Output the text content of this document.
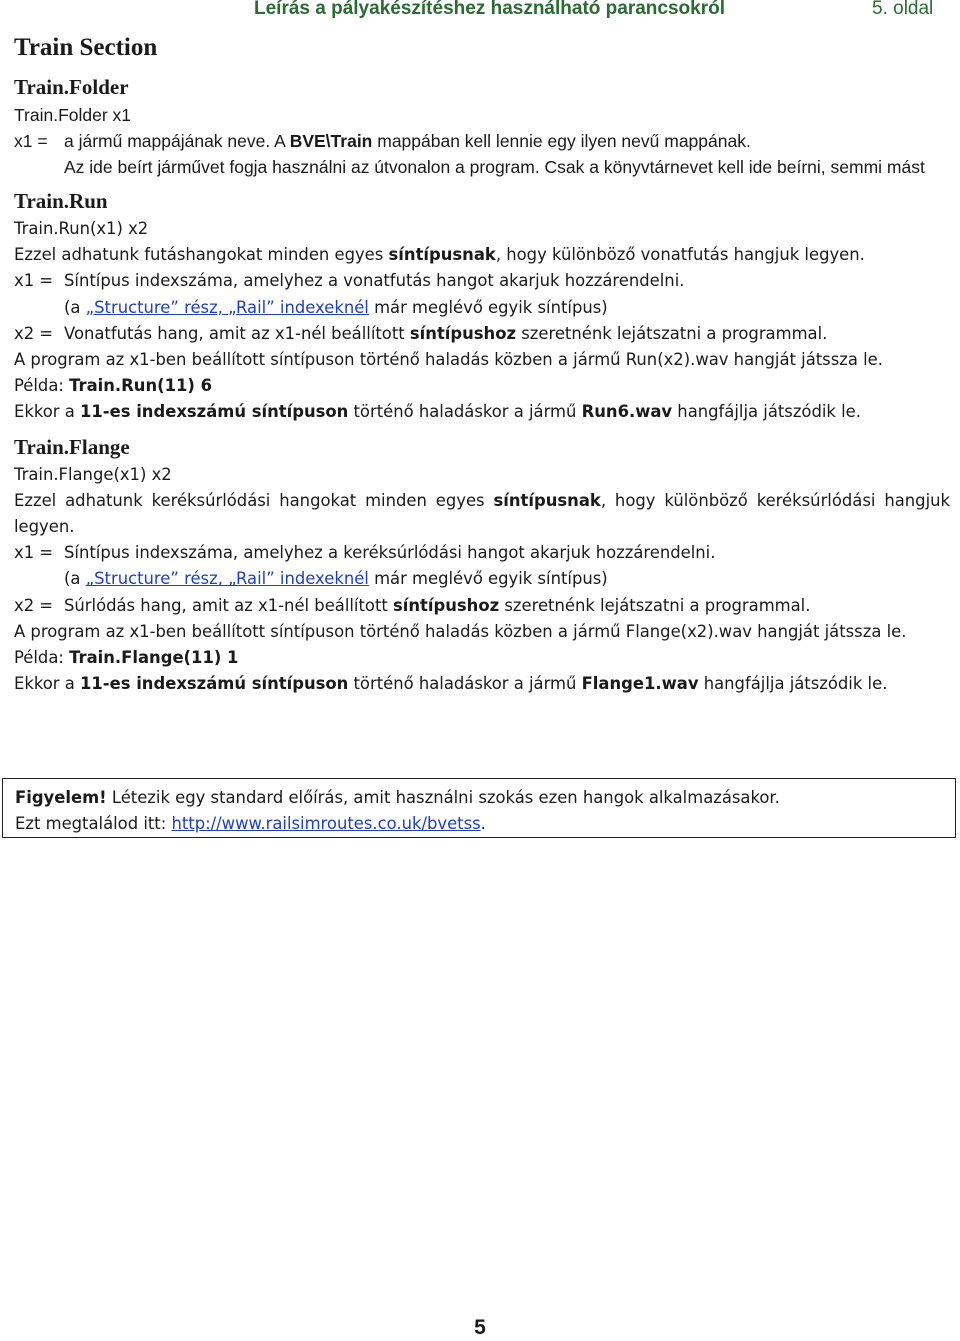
Leírás a pályakészítéshez használható parancsokról	5. oldal
Train Section
Train.Folder
Train.Folder x1
x1 = a jármű mappájának neve. A BVE\Train mappában kell lennie egy ilyen nevű mappának.
Az ide beírt járművet fogja használni az útvonalon a program. Csak a könyvtárnevet kell ide beírni, semmi mást
Train.Run
Train.Run(x1) x2
Ezzel adhatunk futáshangokat minden egyes síntípusnak, hogy különböző vonatfutás hangjuk legyen.
x1 = Síntípus indexszáma, amelyhez a vonatfutás hangot akarjuk hozzárendelni.
(a „Structure” rész, „Rail” indexeknél már meglévő egyik síntípus)
x2 = Vonatfutás hang, amit az x1-nél beállított síntípushoz szeretnénk lejátszatni a programmal.
A program az x1-ben beállított síntípuson történő haladás közben a jármű Run(x2).wav hangját játssza le.
Példa: Train.Run(11) 6
Ekkor a 11-es indexszámú síntípuson történő haladáskor a jármű Run6.wav hangfájlja játszódik le.
Train.Flange
Train.Flange(x1) x2
Ezzel adhatunk keréksúrlódási hangokat minden egyes síntípusnak, hogy különböző keréksúrlódási hangjuk legyen.
x1 = Síntípus indexszáma, amelyhez a keréksúrlódási hangot akarjuk hozzárendelni.
(a „Structure” rész, „Rail” indexeknél már meglévő egyik síntípus)
x2 = Súrlódás hang, amit az x1-nél beállított síntípushoz szeretnénk lejátszatni a programmal.
A program az x1-ben beállított síntípuson történő haladás közben a jármű Flange(x2).wav hangját játssza le.
Példa: Train.Flange(11) 1
Ekkor a 11-es indexszámú síntípuson történő haladáskor a jármű Flange1.wav hangfájlja játszódik le.
Figyelem! Létezik egy standard előírás, amit használni szokás ezen hangok alkalmazásakor.
Ezt megtalálod itt: http://www.railsimroutes.co.uk/bvetss.
5
